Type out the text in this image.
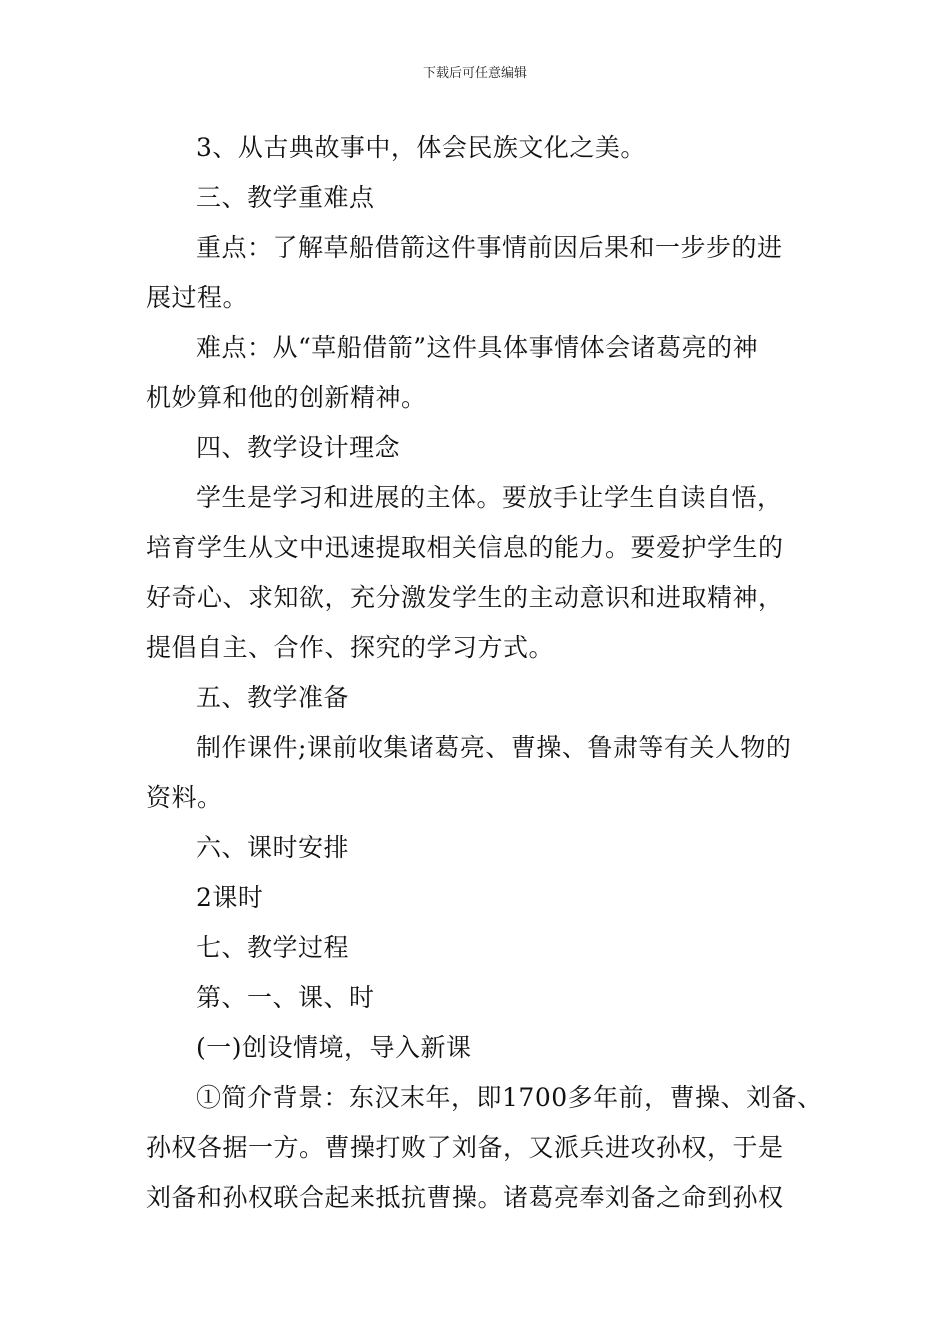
下载后可任意编辑
3、从古典故事中，体会民族文化之美。
三、教学重难点
重点：了解草船借箭这件事情前因后果和一步步的进
展过程。
难点：从“草船借箭”这件具体事情体会诸葛亮的神
机妙算和他的创新精神。
四、教学设计理念
学生是学习和进展的主体。要放手让学生自读自悟，
培育学生从文中迅速提取相关信息的能力。要爱护学生的
好奇心、求知欲，充分激发学生的主动意识和进取精神，
提倡自主、合作、探究的学习方式。
五、教学准备
制作课件;课前收集诸葛亮、曹操、鲁肃等有关人物的
资料。
六、课时安排
2课时
七、教学过程
第、一、课、时
(一)创设情境，导入新课
①简介背景：东汉末年，即1700多年前，曹操、刘备、
孙权各据一方。曹操打败了刘备，又派兵进攻孙权，于是
刘备和孙权联合起来抵抗曹操。诸葛亮奉刘备之命到孙权
